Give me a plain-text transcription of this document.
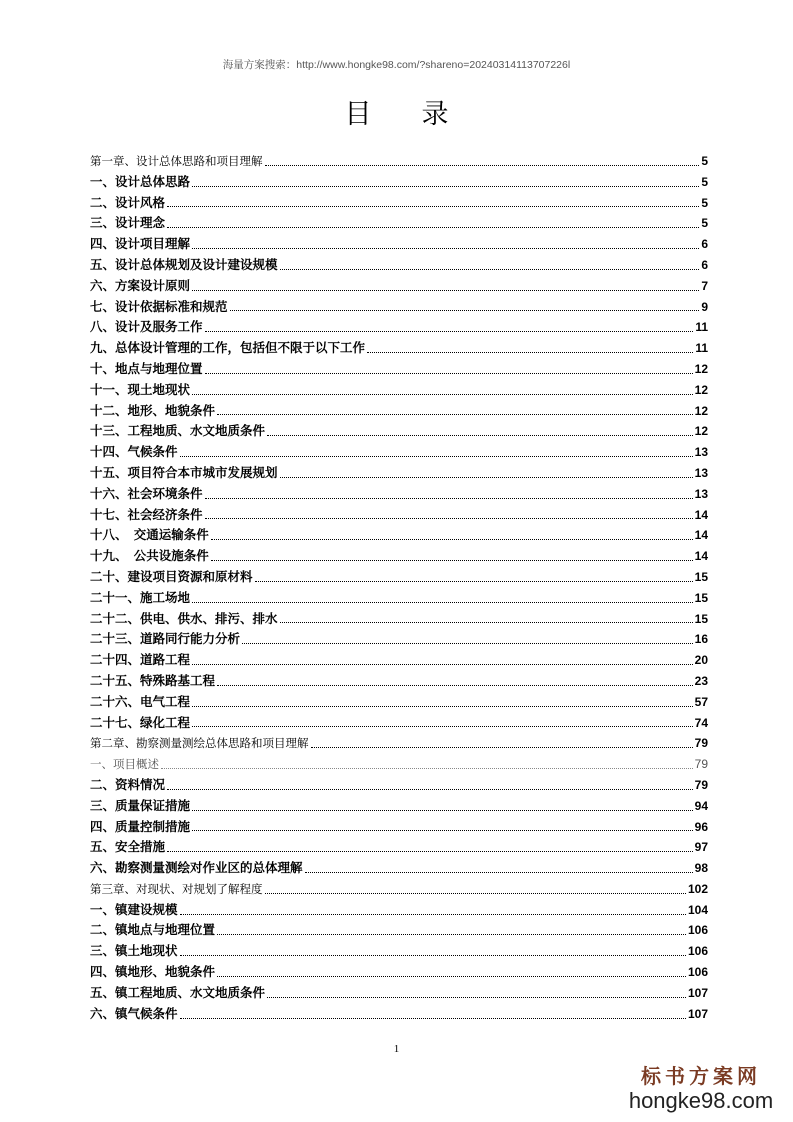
海量方案搜索：http://www.hongke98.com/?shareno=20240314113707226l
目录
第一章、设计总体思路和项目理解	5
一、设计总体思路	5
二、设计风格	5
三、设计理念	5
四、设计项目理解	6
五、设计总体规划及设计建设规模	6
六、方案设计原则	7
七、设计依据标准和规范	9
八、设计及服务工作	11
九、总体设计管理的工作，包括但不限于以下工作	11
十、地点与地理位置	12
十一、现土地现状	12
十二、地形、地貌条件	12
十三、工程地质、水文地质条件	12
十四、气候条件	13
十五、项目符合本市城市发展规划	13
十六、社会环境条件	13
十七、社会经济条件	14
十八、　交通运输条件	14
十九、　公共设施条件	14
二十、建设项目资源和原材料	15
二十一、施工场地	15
二十二、供电、供水、排污、排水	15
二十三、道路同行能力分析	16
二十四、道路工程	20
二十五、特殊路基工程	23
二十六、电气工程	57
二十七、绿化工程	74
第二章、勘察测量测绘总体思路和项目理解	79
一、项目概述	79
二、资料情况	79
三、质量保证措施	94
四、质量控制措施	96
五、安全措施	97
六、勘察测量测绘对作业区的总体理解	98
第三章、对现状、对规划了解程度	102
一、镇建设规模	104
二、镇地点与地理位置	106
三、镇土地现状	106
四、镇地形、地貌条件	106
五、镇工程地质、水文地质条件	107
六、镇气候条件	107
1
标书方案网
hongke98.com
